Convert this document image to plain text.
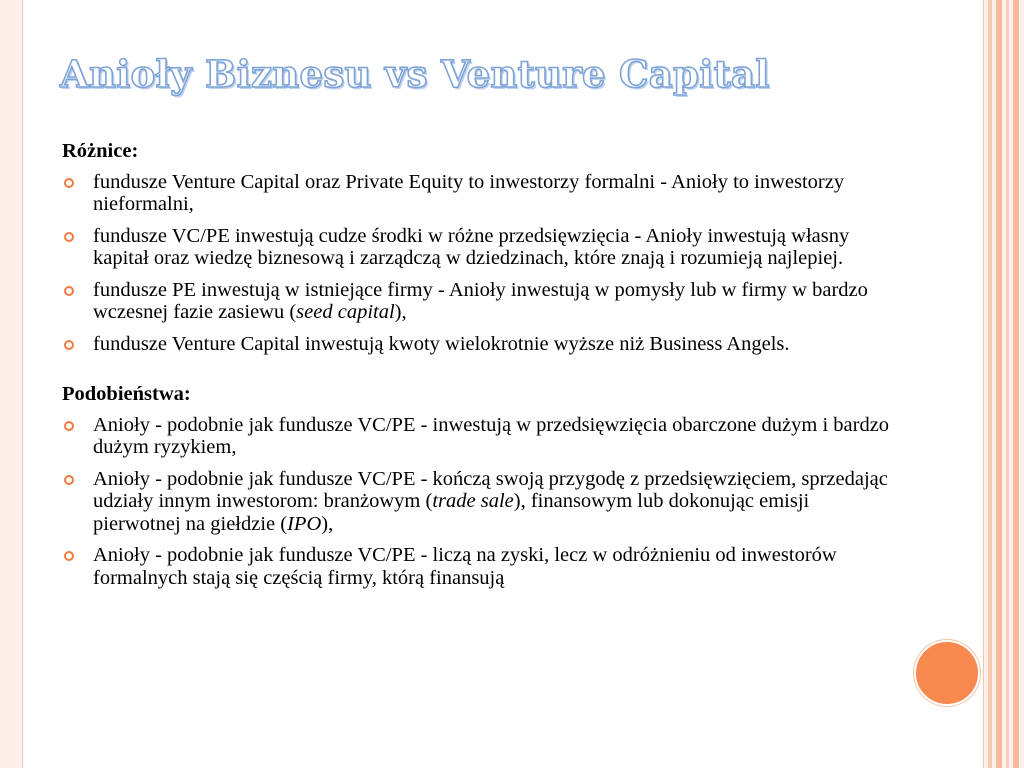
Anioły Biznesu vs Venture Capital
Różnice:
fundusze Venture Capital oraz Private Equity to inwestorzy formalni - Anioły to inwestorzy nieformalni,
fundusze VC/PE inwestują cudze środki w różne przedsięwzięcia - Anioły inwestują własny kapitał oraz wiedzę biznesową i zarządczą w dziedzinach, które znają i rozumieją najlepiej.
fundusze PE inwestują w istniejące firmy - Anioły inwestują w pomysły lub w firmy w bardzo wczesnej fazie zasiewu (seed capital),
fundusze Venture Capital inwestują kwoty wielokrotnie wyższe niż Business Angels.
Podobieństwa:
Anioły - podobnie jak fundusze VC/PE - inwestują w przedsięwzięcia obarczone dużym i bardzo dużym ryzykiem,
Anioły - podobnie jak fundusze VC/PE - kończą swoją przygodę z przedsięwzięciem, sprzedając udziały innym inwestorom: branżowym (trade sale), finansowym lub dokonując emisji pierwotnej na giełdzie (IPO),
Anioły - podobnie jak fundusze VC/PE - liczą na zyski, lecz w odróżnieniu od inwestorów formalnych stają się częścią firmy, którą finansują
